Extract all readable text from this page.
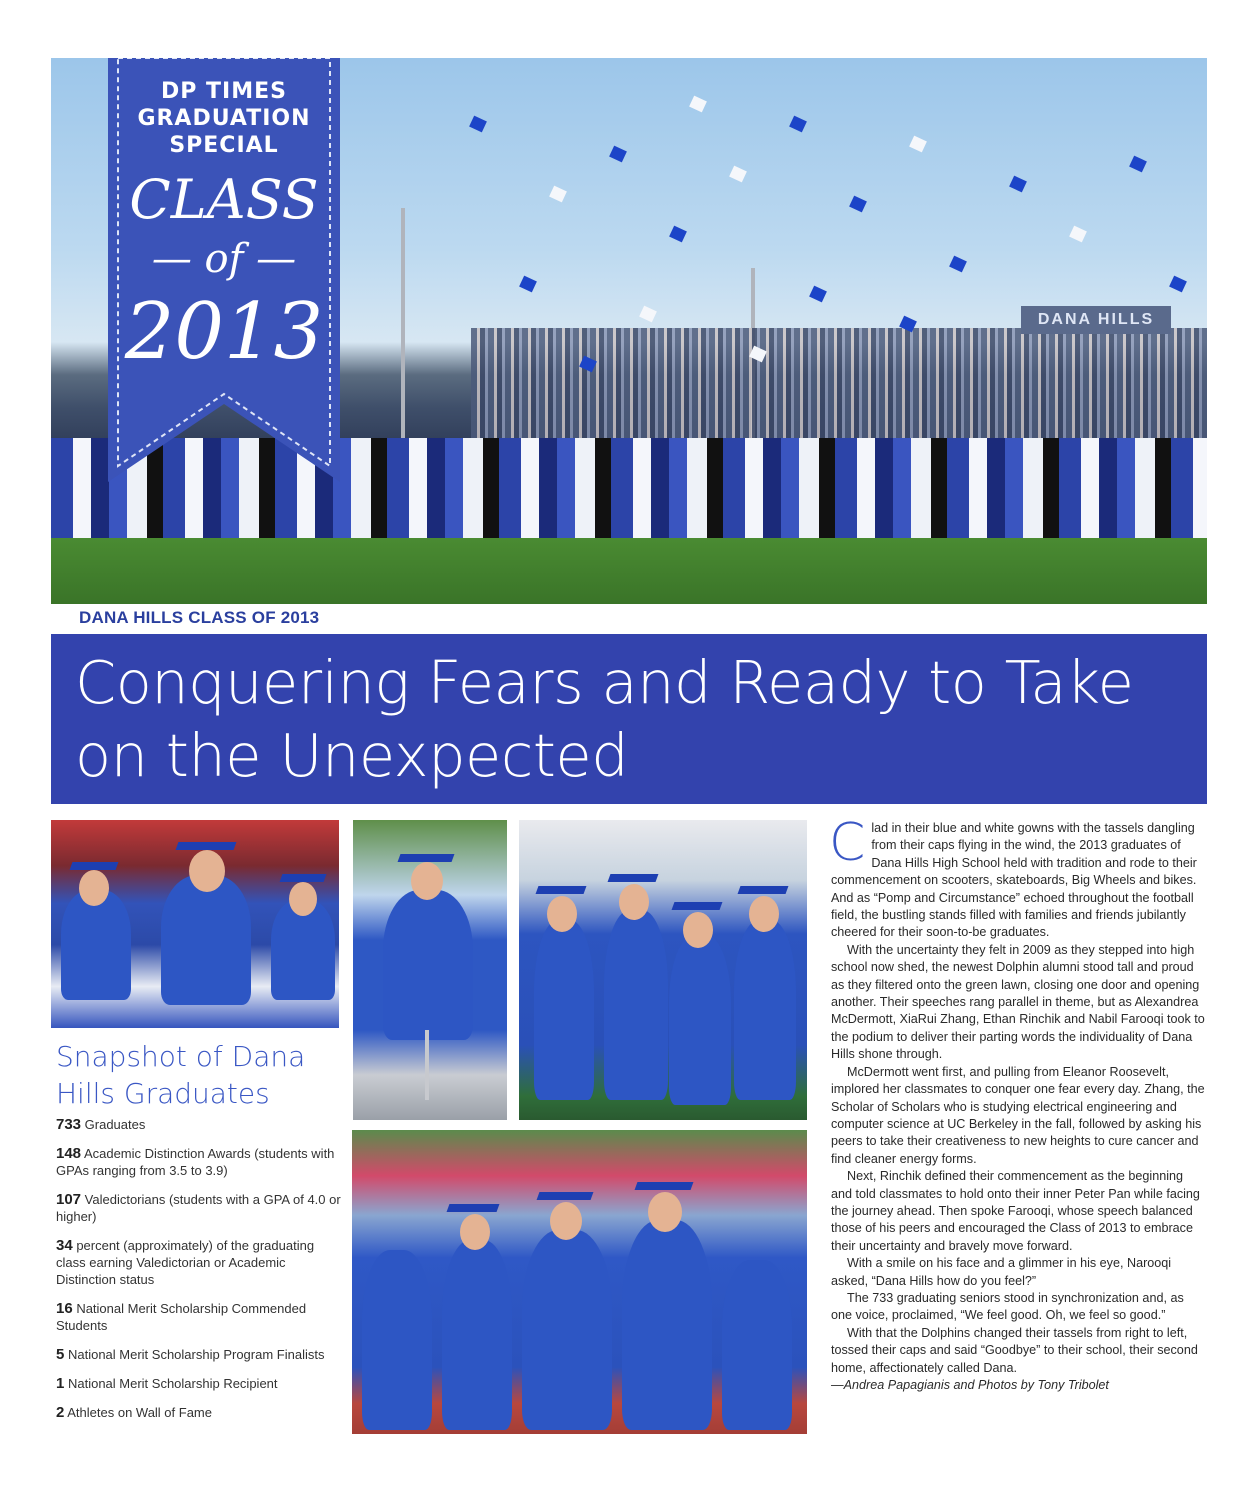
DANA HILLS
DP TIMES
GRADUATION
SPECIAL
CLASS
— of —
2013
DANA HILLS CLASS OF 2013
Conquering Fears and Ready to Take on the Unexpected
Snapshot of Dana Hills Graduates
733 Graduates
148 Academic Distinction Awards (students with GPAs ranging from 3.5 to 3.9)
107 Valedictorians (students with a GPA of 4.0 or higher)
34 percent (approximately) of the graduating class earning Valedictorian or Academic Distinction status
16 National Merit Scholarship Commended Students
5 National Merit Scholarship Program Finalists
1 National Merit Scholarship Recipient
2 Athletes on Wall of Fame

Clad in their blue and white gowns with the tassels dangling from their caps flying in the wind, the 2013 graduates of Dana Hills High School held with tradition and rode to their commencement on scooters, skateboards, Big Wheels and bikes. And as “Pomp and Circumstance” echoed throughout the football field, the bustling stands filled with families and friends jubilantly cheered for their soon-to-be graduates.

With the uncertainty they felt in 2009 as they stepped into high school now shed, the newest Dolphin alumni stood tall and proud as they filtered onto the green lawn, closing one door and opening another. Their speeches rang parallel in theme, but as Alexandrea McDermott, XiaRui Zhang, Ethan Rinchik and Nabil Farooqi took to the podium to deliver their parting words the individuality of Dana Hills shone through.

McDermott went first, and pulling from Eleanor Roosevelt, implored her classmates to conquer one fear every day. Zhang, the Scholar of Scholars who is studying electrical engineering and computer science at UC Berkeley in the fall, followed by asking his peers to take their creativeness to new heights to cure cancer and find cleaner energy forms.

Next, Rinchik defined their commencement as the beginning and told classmates to hold onto their inner Peter Pan while facing the journey ahead. Then spoke Farooqi, whose speech balanced those of his peers and encouraged the Class of 2013 to embrace their uncertainty and bravely move forward.

With a smile on his face and a glimmer in his eye, Narooqi asked, “Dana Hills how do you feel?”

The 733 graduating seniors stood in synchronization and, as one voice, proclaimed, “We feel good. Oh, we feel so good.”

With that the Dolphins changed their tassels from right to left, tossed their caps and said “Goodbye” to their school, their second home, affectionately called Dana.

—Andrea Papagianis and Photos by Tony Tribolet
